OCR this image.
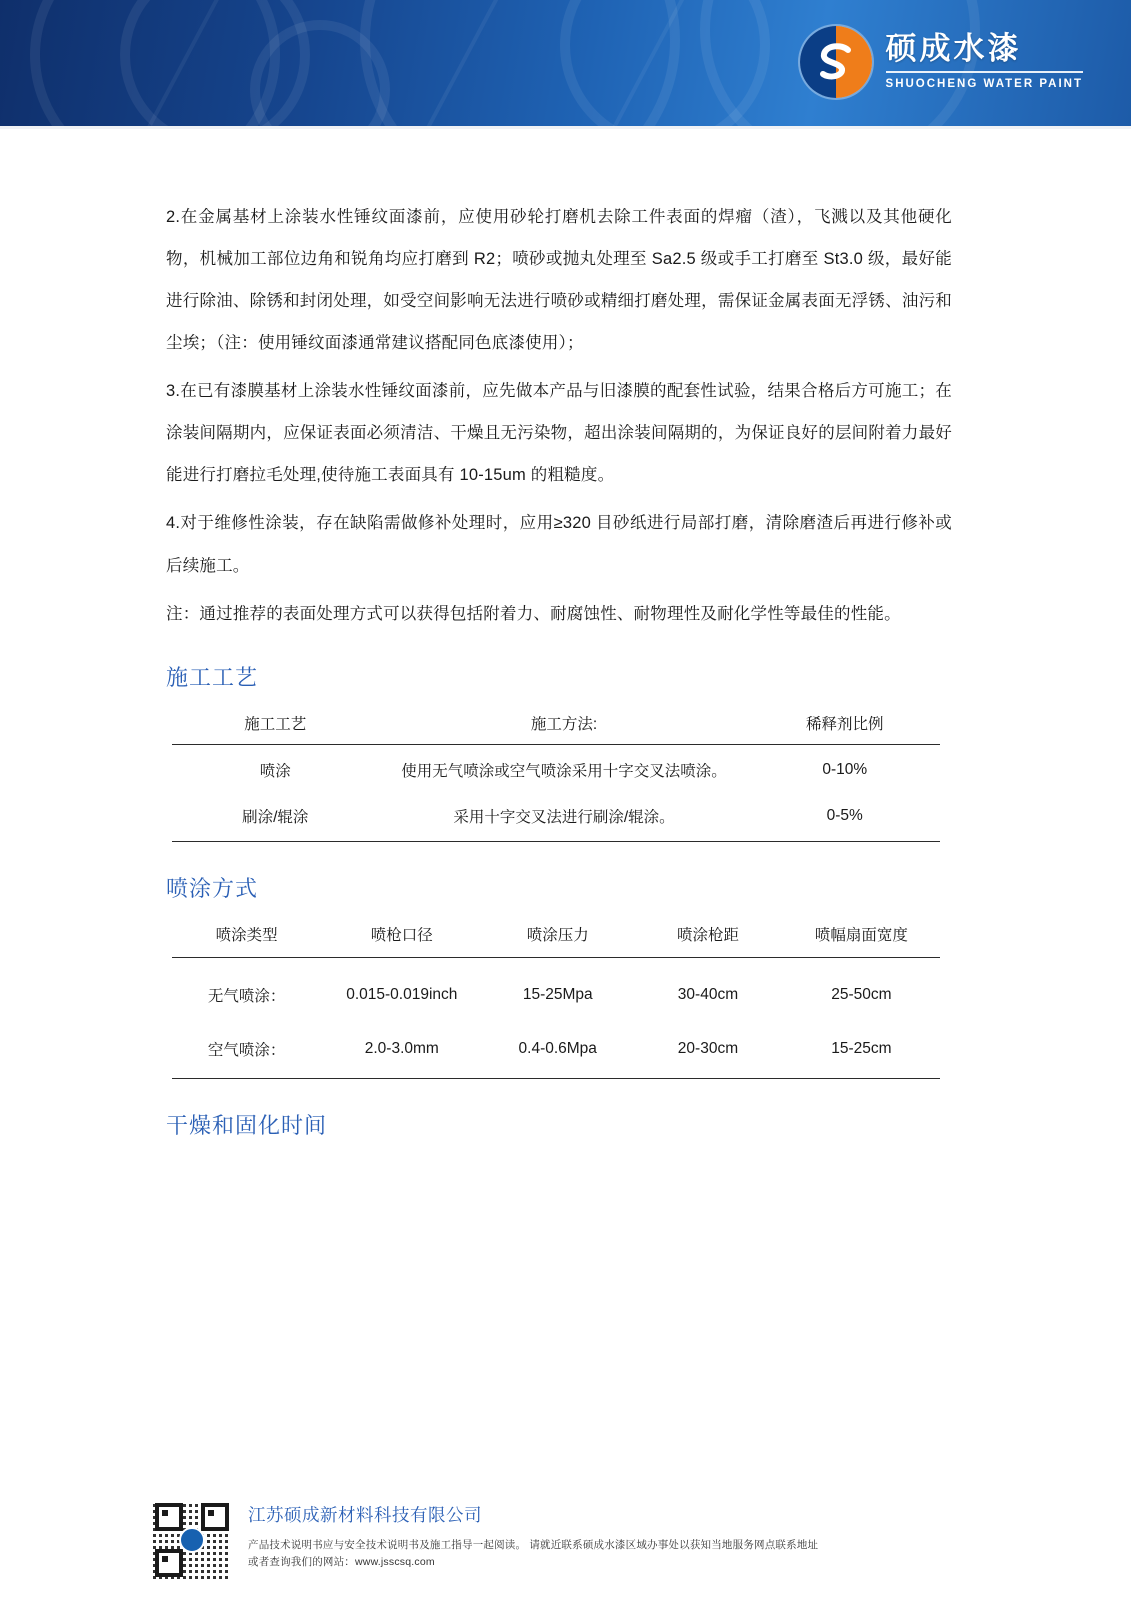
硕成水漆
SHUOCHENG WATER PAINT

2.在金属基材上涂装水性锤纹面漆前，应使用砂轮打磨机去除工件表面的焊瘤（渣），飞溅以及其他硬化物，机械加工部位边角和锐角均应打磨到 R2；喷砂或抛丸处理至 Sa2.5 级或手工打磨至 St3.0 级，最好能进行除油、除锈和封闭处理，如受空间影响无法进行喷砂或精细打磨处理，需保证金属表面无浮锈、油污和尘埃；（注：使用锤纹面漆通常建议搭配同色底漆使用）；

3.在已有漆膜基材上涂装水性锤纹面漆前，应先做本产品与旧漆膜的配套性试验，结果合格后方可施工；在涂装间隔期内，应保证表面必须清洁、干燥且无污染物，超出涂装间隔期的，为保证良好的层间附着力最好能进行打磨拉毛处理,使待施工表面具有 10-15um 的粗糙度。

4.对于维修性涂装，存在缺陷需做修补处理时，应用≥320 目砂纸进行局部打磨，清除磨渣后再进行修补或后续施工。

注：通过推荐的表面处理方式可以获得包括附着力、耐腐蚀性、耐物理性及耐化学性等最佳的性能。

施工工艺
施工工艺	施工方法:	稀释剂比例
喷涂	使用无气喷涂或空气喷涂采用十字交叉法喷涂。	0-10%
刷涂/辊涂	采用十字交叉法进行刷涂/辊涂。	0-5%
喷涂方式
喷涂类型	喷枪口径	喷涂压力	喷涂枪距	喷幅扇面宽度
无气喷涂：	0.015-0.019inch	15-25Mpa	30-40cm	25-50cm
空气喷涂：	2.0-3.0mm	0.4-0.6Mpa	20-30cm	15-25cm
干燥和固化时间
江苏硕成新材料科技有限公司
产品技术说明书应与安全技术说明书及施工指导一起阅读。 请就近联系硕成水漆区域办事处以获知当地服务网点联系地址
或者查询我们的网站：www.jsscsq.com
